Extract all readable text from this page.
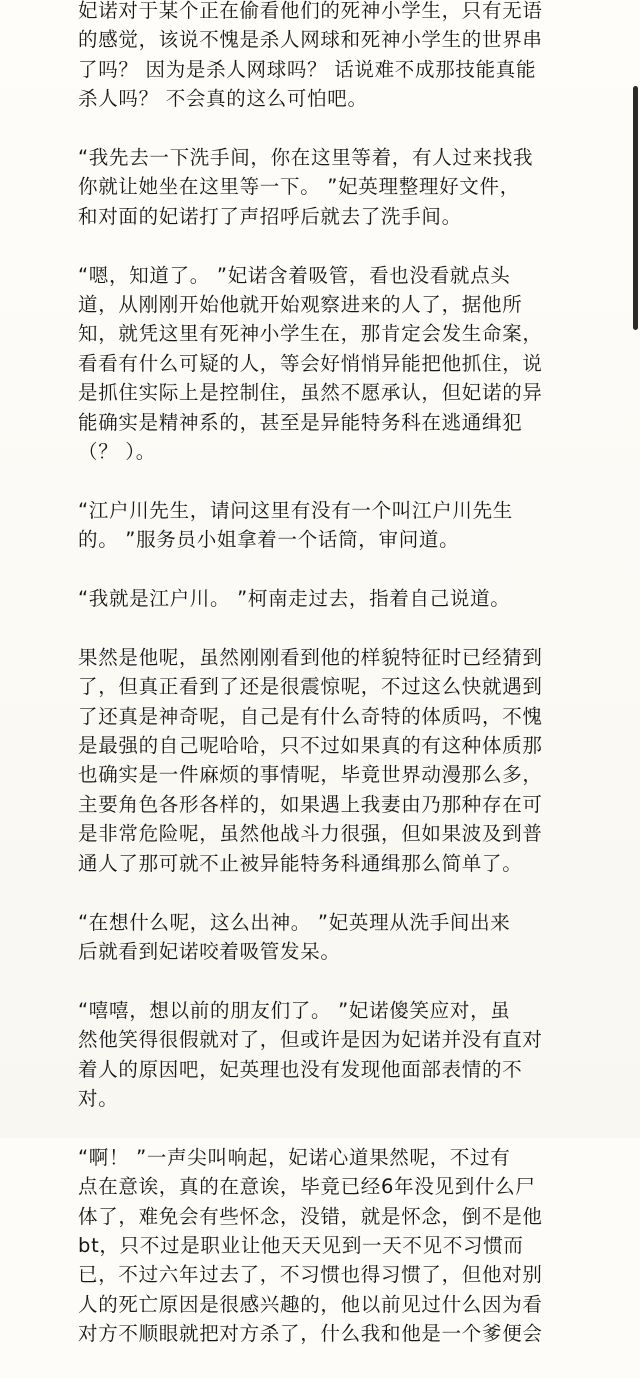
妃诺对于某个正在偷看他们的死神小学生，只有无语
的感觉，该说不愧是杀人网球和死神小学生的世界串
了吗？ 因为是杀人网球吗？ 话说难不成那技能真能
杀人吗？ 不会真的这么可怕吧。

“我先去一下洗手间，你在这里等着，有人过来找我
你就让她坐在这里等一下。 ”妃英理整理好文件，
和对面的妃诺打了声招呼后就去了洗手间。

“嗯，知道了。 ”妃诺含着吸管，看也没看就点头
道，从刚刚开始他就开始观察进来的人了，据他所
知，就凭这里有死神小学生在，那肯定会发生命案，
看看有什么可疑的人，等会好悄悄异能把他抓住，说
是抓住实际上是控制住，虽然不愿承认，但妃诺的异
能确实是精神系的，甚至是异能特务科在逃通缉犯
（？ ）。

“江户川先生，请问这里有没有一个叫江户川先生
的。 ”服务员小姐拿着一个话筒，审问道。

“我就是江户川。 ”柯南走过去，指着自己说道。

果然是他呢，虽然刚刚看到他的样貌特征时已经猜到
了，但真正看到了还是很震惊呢，不过这么快就遇到
了还真是神奇呢，自己是有什么奇特的体质吗，不愧
是最强的自己呢哈哈，只不过如果真的有这种体质那
也确实是一件麻烦的事情呢，毕竟世界动漫那么多，
主要角色各形各样的，如果遇上我妻由乃那种存在可
是非常危险呢，虽然他战斗力很强，但如果波及到普
通人了那可就不止被异能特务科通缉那么简单了。

“在想什么呢，这么出神。 ”妃英理从洗手间出来
后就看到妃诺咬着吸管发呆。

“嘻嘻，想以前的朋友们了。 ”妃诺傻笑应对，虽
然他笑得很假就对了，但或许是因为妃诺并没有直对
着人的原因吧，妃英理也没有发现他面部表情的不
对。

“啊！ ”一声尖叫响起，妃诺心道果然呢，不过有
点在意诶，真的在意诶，毕竟已经6年没见到什么尸
体了，难免会有些怀念，没错，就是怀念，倒不是他
bt，只不过是职业让他天天见到一天不见不习惯而
已，不过六年过去了，不习惯也得习惯了，但他对别
人的死亡原因是很感兴趣的，他以前见过什么因为看
对方不顺眼就把对方杀了，什么我和他是一个爹便会
